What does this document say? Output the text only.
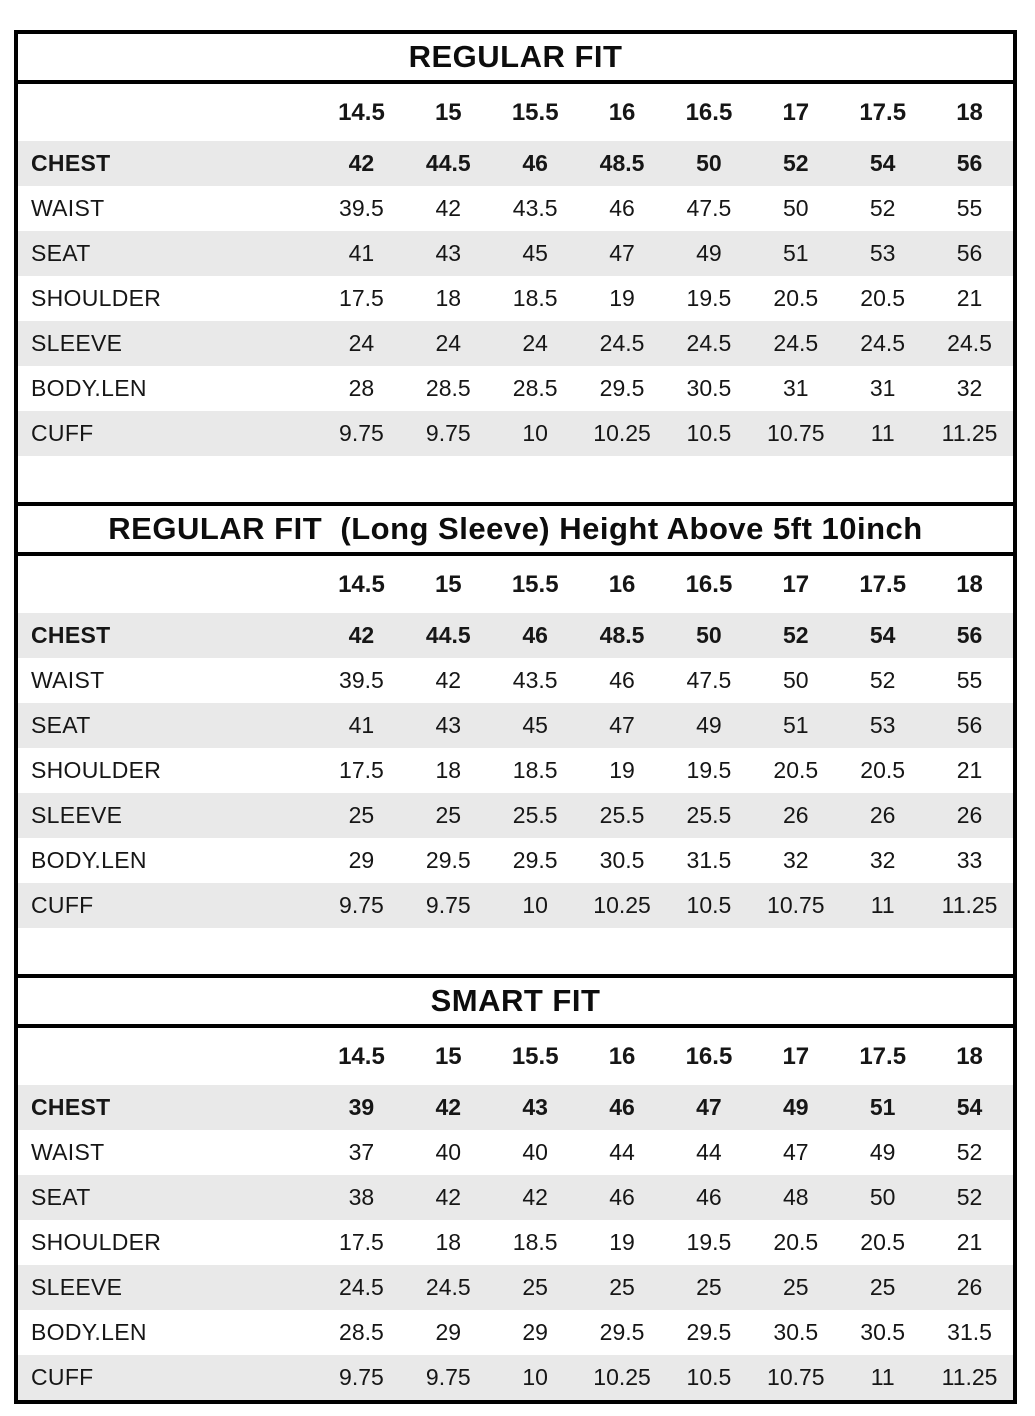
REGULAR FIT
14.5	15	15.5	16	16.5	17	17.5	18
CHEST	42	44.5	46	48.5	50	52	54	56
WAIST	39.5	42	43.5	46	47.5	50	52	55
SEAT	41	43	45	47	49	51	53	56
SHOULDER	17.5	18	18.5	19	19.5	20.5	20.5	21
SLEEVE	24	24	24	24.5	24.5	24.5	24.5	24.5
BODY.LEN	28	28.5	28.5	29.5	30.5	31	31	32
CUFF	9.75	9.75	10	10.25	10.5	10.75	11	11.25
REGULAR FIT  (Long Sleeve) Height Above 5ft 10inch
14.5	15	15.5	16	16.5	17	17.5	18
CHEST	42	44.5	46	48.5	50	52	54	56
WAIST	39.5	42	43.5	46	47.5	50	52	55
SEAT	41	43	45	47	49	51	53	56
SHOULDER	17.5	18	18.5	19	19.5	20.5	20.5	21
SLEEVE	25	25	25.5	25.5	25.5	26	26	26
BODY.LEN	29	29.5	29.5	30.5	31.5	32	32	33
CUFF	9.75	9.75	10	10.25	10.5	10.75	11	11.25
SMART FIT
14.5	15	15.5	16	16.5	17	17.5	18
CHEST	39	42	43	46	47	49	51	54
WAIST	37	40	40	44	44	47	49	52
SEAT	38	42	42	46	46	48	50	52
SHOULDER	17.5	18	18.5	19	19.5	20.5	20.5	21
SLEEVE	24.5	24.5	25	25	25	25	25	26
BODY.LEN	28.5	29	29	29.5	29.5	30.5	30.5	31.5
CUFF	9.75	9.75	10	10.25	10.5	10.75	11	11.25
